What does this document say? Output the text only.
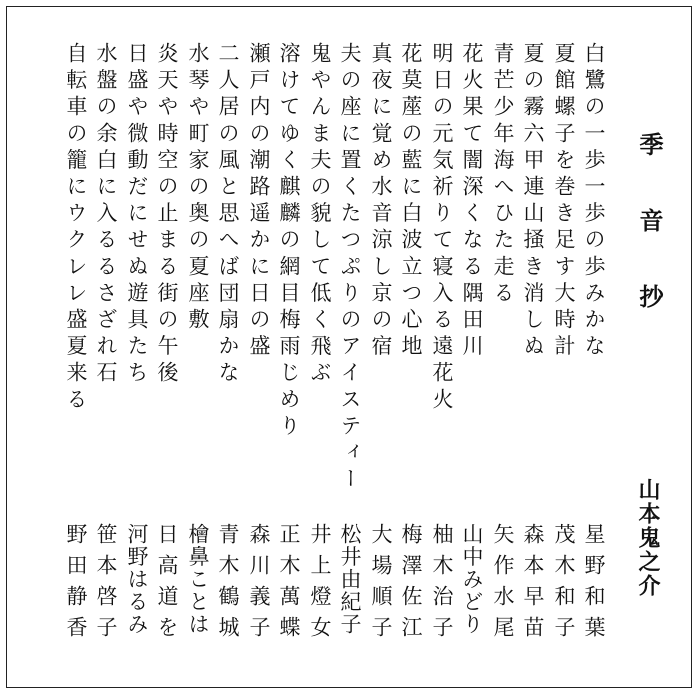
季音抄
山本鬼之介
白鷺の一歩一歩の歩みかな
星野和葉
夏館螺子を巻き足す大時計
茂木和子
夏の霧六甲連山掻き消しぬ
森本早苗
青芒少年海へひた走る
矢作水尾
花火果て闇深くなる隅田川
山中みどり
明日の元気祈りて寝入る遠花火
柚木治子
花莫蓙の藍に白波立つ心地
梅澤佐江
真夜に覚め水音涼し京の宿
大場順子
夫の座に置くたつぷりのアイスティー
松井由紀子
鬼やんま夫の貌して低く飛ぶ
井上燈女
溶けてゆく麒麟の網目梅雨じめり
正木萬蝶
瀬戸内の潮路遥かに日の盛
森川義子
二人居の風と思へば団扇かな
青木鶴城
水琴や町家の奥の夏座敷
檜鼻ことは
炎天や時空の止まる街の午後
日高道を
日盛や微動だにせぬ遊具たち
河野はるみ
水盤の余白に入るるさざれ石
笹本啓子
自転車の籠にウクレレ盛夏来る
野田静香
